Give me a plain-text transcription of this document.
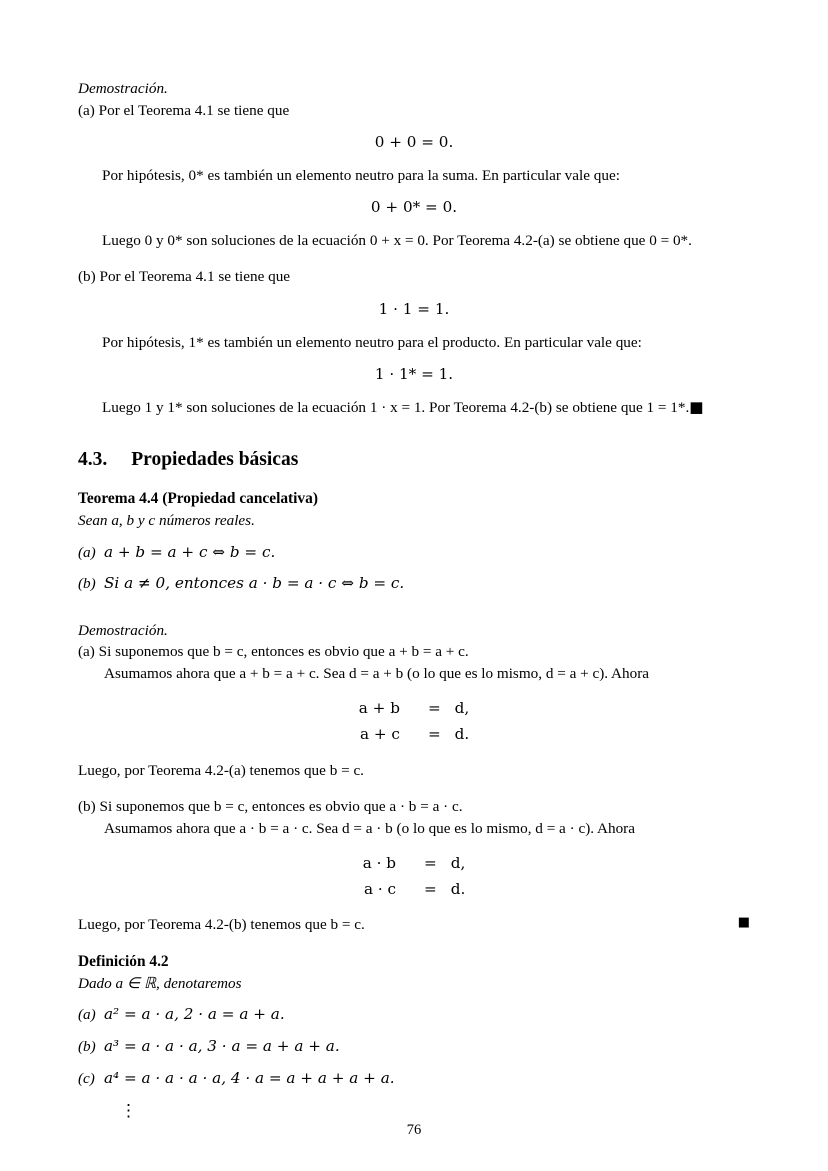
Demostración.
(a) Por el Teorema 4.1 se tiene que
0 + 0 = 0.
Por hipótesis, 0* es también un elemento neutro para la suma. En particular vale que:
0 + 0* = 0.
Luego 0 y 0* son soluciones de la ecuación 0 + x = 0. Por Teorema 4.2-(a) se obtiene que 0 = 0*.
(b) Por el Teorema 4.1 se tiene que
1 · 1 = 1.
Por hipótesis, 1* es también un elemento neutro para el producto. En particular vale que:
1 · 1* = 1.
Luego 1 y 1* son soluciones de la ecuación 1 · x = 1. Por Teorema 4.2-(b) se obtiene que 1 = 1*.■
4.3. Propiedades básicas
Teorema 4.4 (Propiedad cancelativa)
Sean a, b y c números reales.
(a) a + b = a + c ⇔ b = c.
(b) Si a ≠ 0, entonces a · b = a · c ⇔ b = c.
Demostración.
(a) Si suponemos que b = c, entonces es obvio que a + b = a + c.
Asumamos ahora que a + b = a + c. Sea d = a + b (o lo que es lo mismo, d = a + c). Ahora
a + b	=	d,
a + c	=	d.
Luego, por Teorema 4.2-(a) tenemos que b = c.
(b) Si suponemos que b = c, entonces es obvio que a · b = a · c.
Asumamos ahora que a · b = a · c. Sea d = a · b (o lo que es lo mismo, d = a · c). Ahora
a · b	=	d,
a · c	=	d.
■
Luego, por Teorema 4.2-(b) tenemos que b = c.
Definición 4.2
Dado a ∈ ℝ, denotaremos
(a) a² = a · a, 2 · a = a + a.
(b) a³ = a · a · a, 3 · a = a + a + a.
(c) a⁴ = a · a · a · a, 4 · a = a + a + a + a.
⋮
76
